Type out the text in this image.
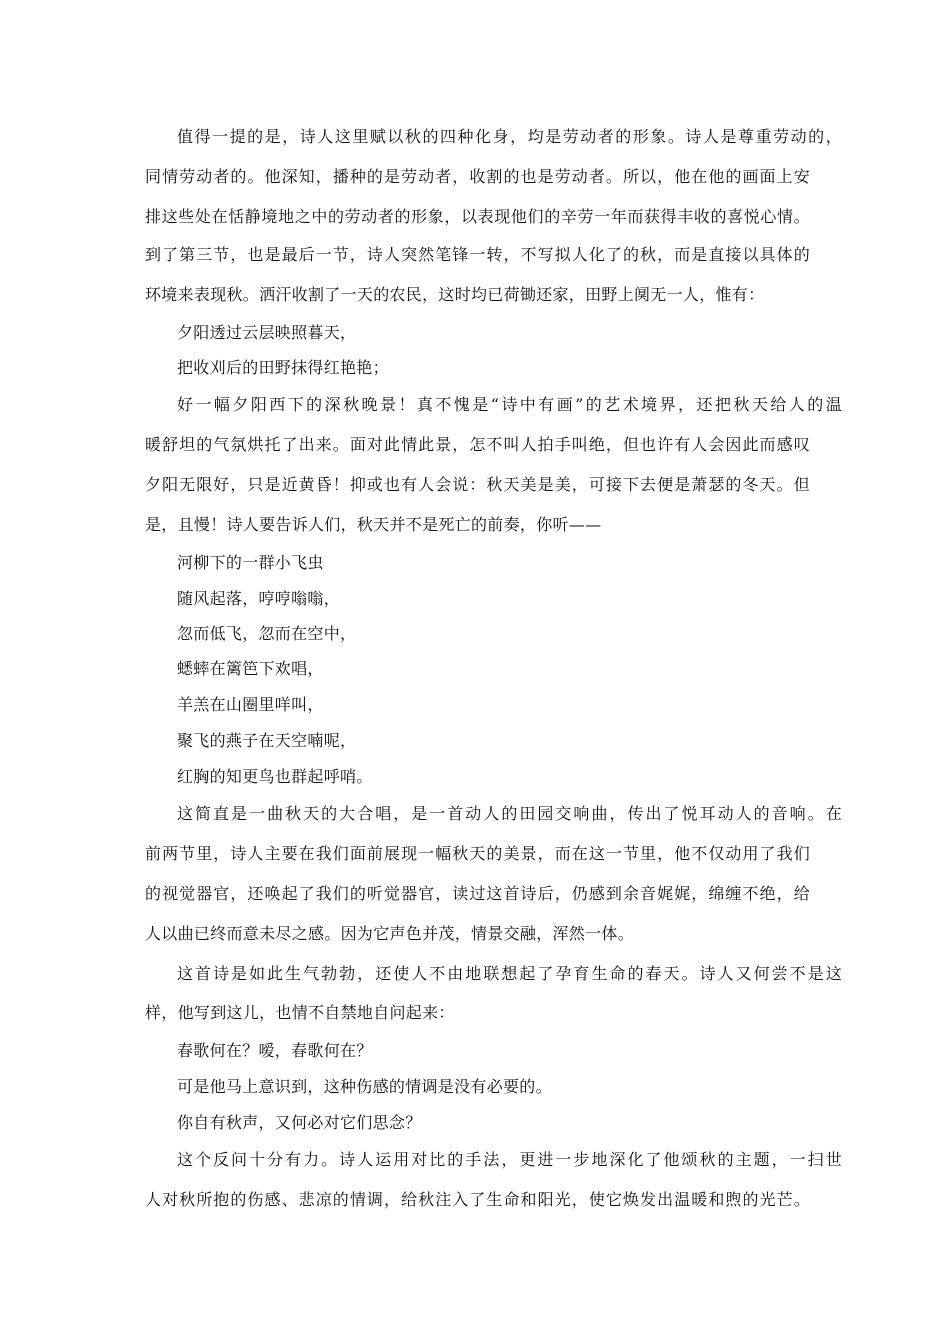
值得一提的是，诗人这里赋以秋的四种化身，均是劳动者的形象。诗人是尊重劳动的，
同情劳动者的。他深知，播种的是劳动者，收割的也是劳动者。所以，他在他的画面上安
排这些处在恬静境地之中的劳动者的形象，以表现他们的辛劳一年而获得丰收的喜悦心情。
到了第三节，也是最后一节，诗人突然笔锋一转，不写拟人化了的秋，而是直接以具体的
环境来表现秋。洒汗收割了一天的农民，这时均已荷锄还家，田野上阒无一人，惟有：
夕阳透过云层映照暮天，
把收刈后的田野抹得红艳艳；
好一幅夕阳西下的深秋晚景！真不愧是“诗中有画”的艺术境界，还把秋天给人的温
暖舒坦的气氛烘托了出来。面对此情此景，怎不叫人拍手叫绝，但也许有人会因此而感叹
夕阳无限好，只是近黄昏！抑或也有人会说：秋天美是美，可接下去便是萧瑟的冬天。但
是，且慢！诗人要告诉人们，秋天并不是死亡的前奏，你听——
河柳下的一群小飞虫
随风起落，哼哼嗡嗡，
忽而低飞，忽而在空中，
蟋蟀在篱笆下欢唱，
羊羔在山圈里咩叫，
聚飞的燕子在天空喃呢，
红胸的知更鸟也群起呼哨。
这简直是一曲秋天的大合唱，是一首动人的田园交响曲，传出了悦耳动人的音响。在
前两节里，诗人主要在我们面前展现一幅秋天的美景，而在这一节里，他不仅动用了我们
的视觉器官，还唤起了我们的听觉器官，读过这首诗后，仍感到余音娓娓，绵缠不绝，给
人以曲已终而意未尽之感。因为它声色并茂，情景交融，浑然一体。
这首诗是如此生气勃勃，还使人不由地联想起了孕育生命的春天。诗人又何尝不是这
样，他写到这儿，也情不自禁地自问起来：
春歌何在？嗳，春歌何在？
可是他马上意识到，这种伤感的情调是没有必要的。
你自有秋声，又何必对它们思念？
这个反问十分有力。诗人运用对比的手法，更进一步地深化了他颂秋的主题，一扫世
人对秋所抱的伤感、悲凉的情调，给秋注入了生命和阳光，使它焕发出温暖和煦的光芒。
